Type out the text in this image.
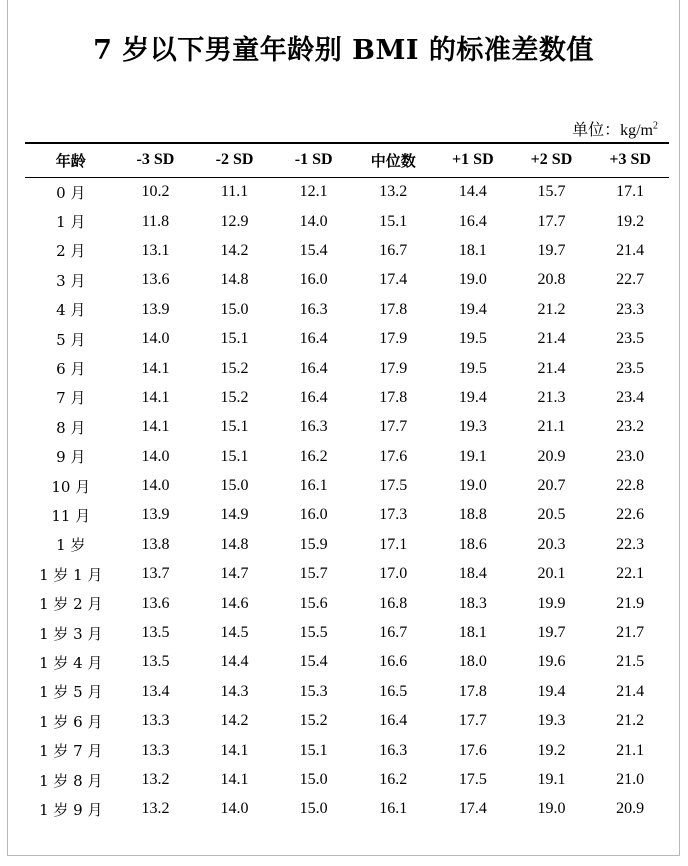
7 岁以下男童年龄别 BMI 的标准差数值
单位：$kg/m^2$
年龄	-3 SD	-2 SD	-1 SD	中位数	+1 SD	+2 SD	+3 SD
0 月	10.2	11.1	12.1	13.2	14.4	15.7	17.1
1 月	11.8	12.9	14.0	15.1	16.4	17.7	19.2
2 月	13.1	14.2	15.4	16.7	18.1	19.7	21.4
3 月	13.6	14.8	16.0	17.4	19.0	20.8	22.7
4 月	13.9	15.0	16.3	17.8	19.4	21.2	23.3
5 月	14.0	15.1	16.4	17.9	19.5	21.4	23.5
6 月	14.1	15.2	16.4	17.9	19.5	21.4	23.5
7 月	14.1	15.2	16.4	17.8	19.4	21.3	23.4
8 月	14.1	15.1	16.3	17.7	19.3	21.1	23.2
9 月	14.0	15.1	16.2	17.6	19.1	20.9	23.0
10 月	14.0	15.0	16.1	17.5	19.0	20.7	22.8
11 月	13.9	14.9	16.0	17.3	18.8	20.5	22.6
1 岁	13.8	14.8	15.9	17.1	18.6	20.3	22.3
1 岁 1 月	13.7	14.7	15.7	17.0	18.4	20.1	22.1
1 岁 2 月	13.6	14.6	15.6	16.8	18.3	19.9	21.9
1 岁 3 月	13.5	14.5	15.5	16.7	18.1	19.7	21.7
1 岁 4 月	13.5	14.4	15.4	16.6	18.0	19.6	21.5
1 岁 5 月	13.4	14.3	15.3	16.5	17.8	19.4	21.4
1 岁 6 月	13.3	14.2	15.2	16.4	17.7	19.3	21.2
1 岁 7 月	13.3	14.1	15.1	16.3	17.6	19.2	21.1
1 岁 8 月	13.2	14.1	15.0	16.2	17.5	19.1	21.0
1 岁 9 月	13.2	14.0	15.0	16.1	17.4	19.0	20.9
